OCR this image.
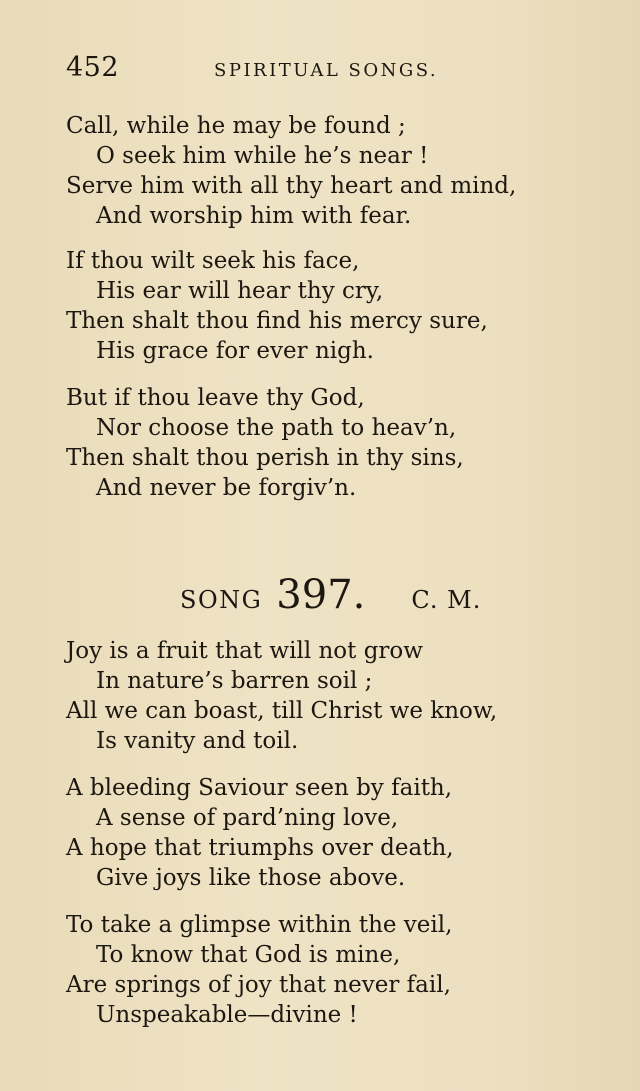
452	SPIRITUAL SONGS.

Call, while he may be found ;
O seek him while he’s near !
Serve him with all thy heart and mind,
And worship him with fear.

If thou wilt seek his face,
His ear will hear thy cry,
Then shalt thou find his mercy sure,
His grace for ever nigh.

But if thou leave thy God,
Nor choose the path to heav’n,
Then shalt thou perish in thy sins,
And never be forgiv’n.

SONG 397. C. M.

Joy is a fruit that will not grow
In nature’s barren soil ;
All we can boast, till Christ we know,
Is vanity and toil.

A bleeding Saviour seen by faith,
A sense of pard’ning love,
A hope that triumphs over death,
Give joys like those above.

To take a glimpse within the veil,
To know that God is mine,
Are springs of joy that never fail,
Unspeakable—divine !
